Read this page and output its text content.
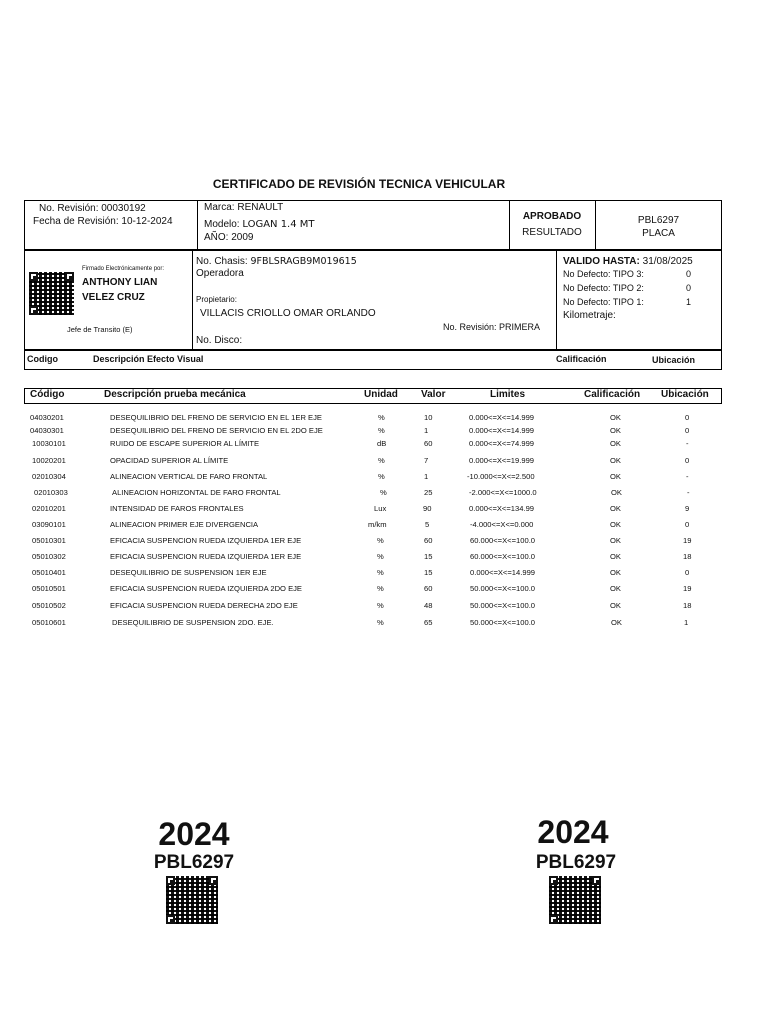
CERTIFICADO DE REVISIÓN TECNICA VEHICULAR
No. Revisión: 00030192
Fecha de Revisión: 10-12-2024
Marca: RENAULT
Modelo: LOGAN 1.4 MT
AÑO: 2009
APROBADO
RESULTADO
PBL6297
PLACA
Firmado Electrónicamente por:
ANTHONY LIAN
VELEZ CRUZ
Jefe de Transito (E)
No. Chasis: 9FBLSRAGB9M019615
Operadora
Propietario:
VILLACIS CRIOLLO OMAR ORLANDO
No. Revisión: PRIMERA
No. Disco:
VALIDO HASTA: 31/08/2025
No Defecto: TIPO 3:	0
No Defecto: TIPO 2:	0
No Defecto: TIPO 1:	1
Kilometraje:
Codigo	Descripción Efecto Visual	Calificación	Ubicación
Código	Descripción prueba mecánica	Unidad Valor	Limites	Calificación Ubicación
04030201	DESEQUILIBRIO DEL FRENO DE SERVICIO EN EL 1ER EJE	%	10	0.000<=X<=14.999	OK	0
04030301	DESEQUILIBRIO DEL FRENO DE SERVICIO EN EL 2DO EJE	%	1	0.000<=X<=14.999	OK	0
10030101	RUIDO DE ESCAPE SUPERIOR AL LÍMITE	dB	60	0.000<=X<=74.999	OK	-
10020201	OPACIDAD SUPERIOR AL LÍMITE	%	7	0.000<=X<=19.999	OK	0
02010304	ALINEACION VERTICAL DE FARO FRONTAL	%	1	-10.000<=X<=2.500	OK	-
02010303	ALINEACION HORIZONTAL DE FARO FRONTAL	%	25	-2.000<=X<=1000.0	OK	-
02010201	INTENSIDAD DE FAROS FRONTALES	Lux	90	0.000<=X<=134.99	OK	9
03090101	ALINEACION PRIMER EJE DIVERGENCIA	m/km	5	-4.000<=X<=0.000	OK	0
05010301	EFICACIA SUSPENCION RUEDA IZQUIERDA 1ER EJE	%	60	60.000<=X<=100.0	OK	19
05010302	EFICACIA SUSPENCION RUEDA IZQUIERDA 1ER EJE	%	15	60.000<=X<=100.0	OK	18
05010401	DESEQUILIBRIO DE SUSPENSION 1ER EJE	%	15	0.000<=X<=14.999	OK	0
05010501	EFICACIA SUSPENCION RUEDA IZQUIERDA 2DO EJE	%	60	50.000<=X<=100.0	OK	19
05010502	EFICACIA SUSPENCION RUEDA DERECHA 2DO EJE	%	48	50.000<=X<=100.0	OK	18
05010601	DESEQUILIBRIO DE SUSPENSION 2DO. EJE.	%	65	50.000<=X<=100.0	OK	1
2024
PBL6297
2024
PBL6297
